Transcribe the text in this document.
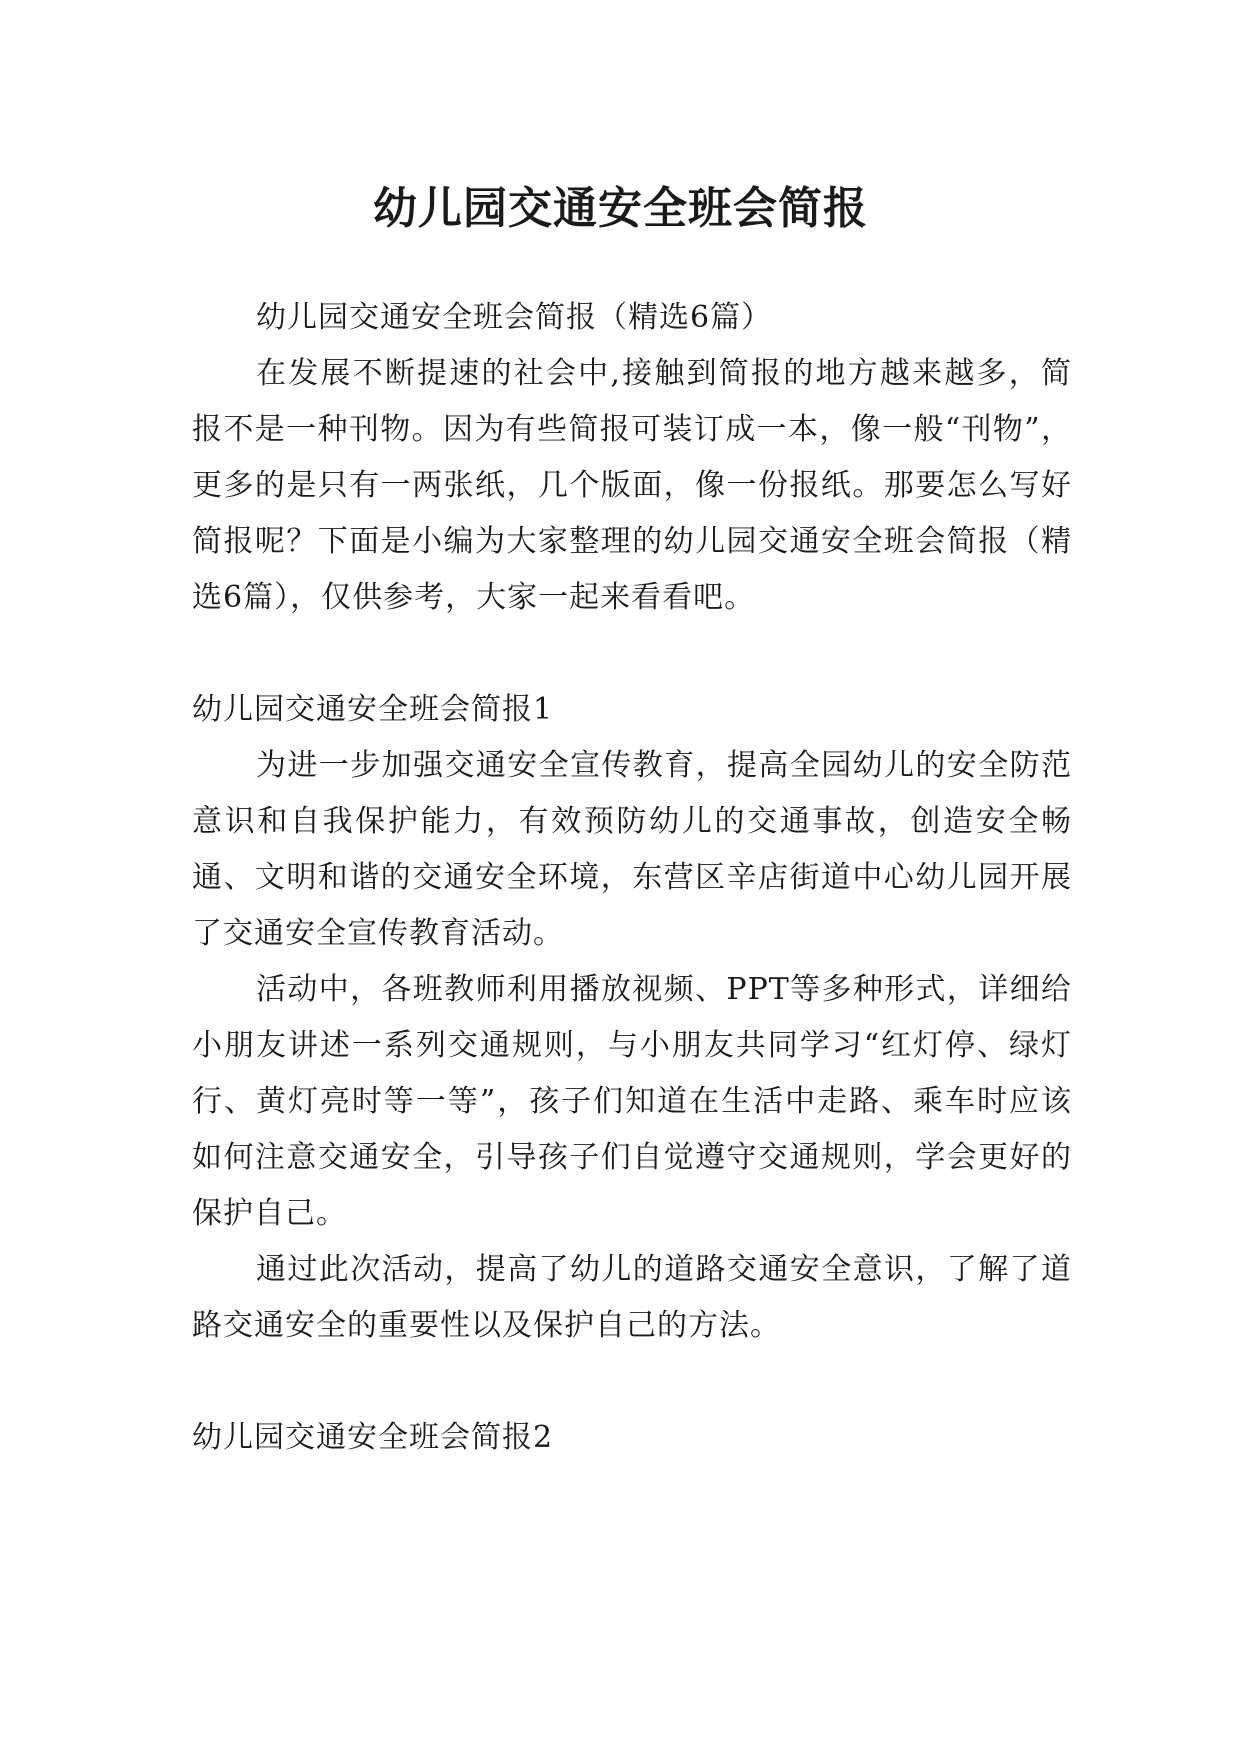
幼儿园交通安全班会简报

幼儿园交通安全班会简报（精选6篇）

在发展不断提速的社会中,接触到简报的地方越来越多，简报不是一种刊物。因为有些简报可装订成一本，像一般“刊物”，更多的是只有一两张纸，几个版面，像一份报纸。那要怎么写好简报呢？下面是小编为大家整理的幼儿园交通安全班会简报（精选6篇），仅供参考，大家一起来看看吧。

幼儿园交通安全班会简报1

为进一步加强交通安全宣传教育，提高全园幼儿的安全防范意识和自我保护能力，有效预防幼儿的交通事故，创造安全畅通、文明和谐的交通安全环境，东营区辛店街道中心幼儿园开展了交通安全宣传教育活动。

活动中，各班教师利用播放视频、PPT等多种形式，详细给小朋友讲述一系列交通规则，与小朋友共同学习“红灯停、绿灯行、黄灯亮时等一等”，孩子们知道在生活中走路、乘车时应该如何注意交通安全，引导孩子们自觉遵守交通规则，学会更好的保护自己。

通过此次活动，提高了幼儿的道路交通安全意识，了解了道路交通安全的重要性以及保护自己的方法。

幼儿园交通安全班会简报2
